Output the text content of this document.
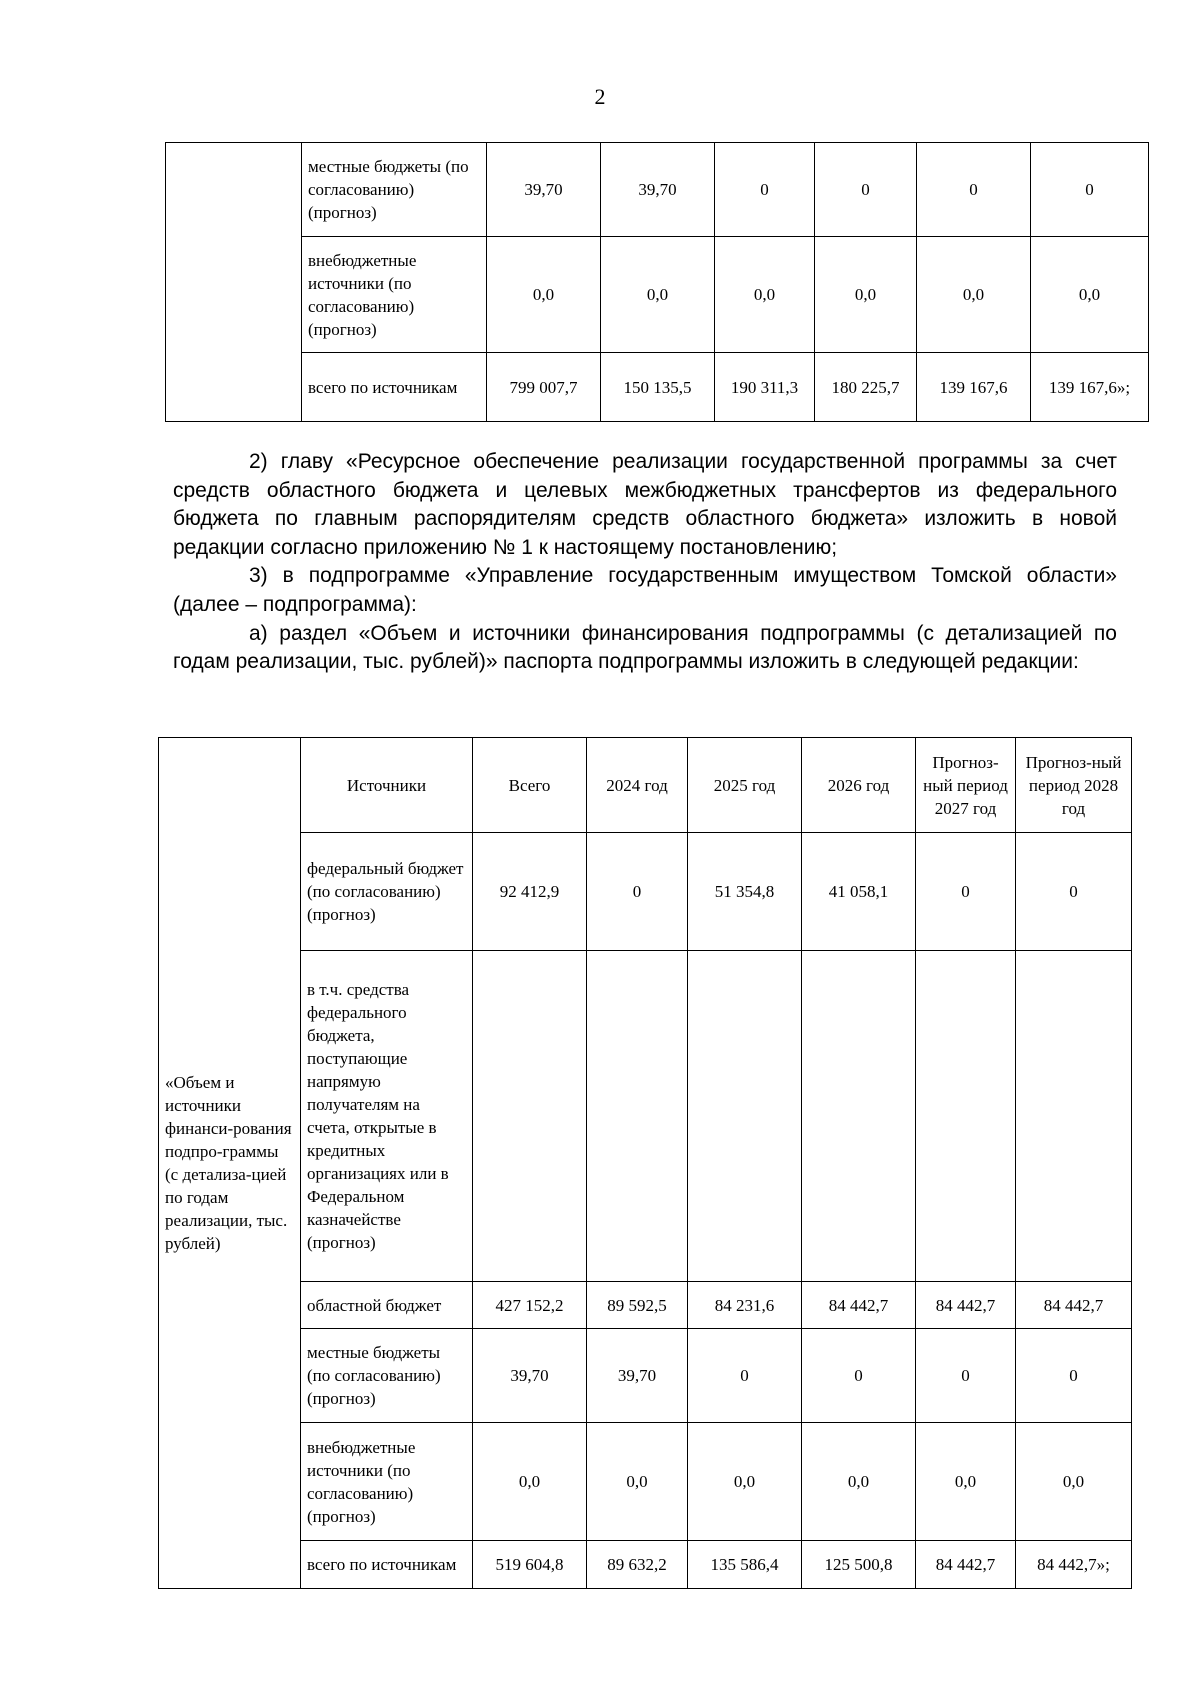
2
	местные бюджеты (по согласованию) (прогноз)	39,70	39,70	0	0	0	0
	внебюджетные источники (по согласованию) (прогноз)	0,0	0,0	0,0	0,0	0,0	0,0
	всего по источникам	799 007,7	150 135,5	190 311,3	180 225,7	139 167,6	139 167,6»;

2) главу «Ресурсное обеспечение реализации государственной программы за счет средств областного бюджета и целевых межбюджетных трансфертов из федерального бюджета по главным распорядителям средств областного бюджета» изложить в новой редакции согласно приложению № 1 к настоящему постановлению;

3) в подпрограмме «Управление государственным имуществом Томской области» (далее – подпрограмма):

а) раздел «Объем и источники финансирования подпрограммы (с детализацией по годам реализации, тыс. рублей)» паспорта подпрограммы изложить в следующей редакции:

«Объем и источники финанси-рования подпро-граммы (с детализа-цией по годам реализации, тыс. рублей)	Источники	Всего	2024 год	2025 год	2026 год	Прогноз-ный период 2027 год	Прогноз-ный период 2028 год
	федеральный бюджет (по согласованию) (прогноз)	92 412,9	0	51 354,8	41 058,1	0	0
	в т.ч. средства федерального бюджета, поступающие напрямую получателям на счета, открытые в кредитных организациях или в Федеральном казначействе (прогноз)						
	областной бюджет	427 152,2	89 592,5	84 231,6	84 442,7	84 442,7	84 442,7
	местные бюджеты (по согласованию) (прогноз)	39,70	39,70	0	0	0	0
	внебюджетные источники (по согласованию) (прогноз)	0,0	0,0	0,0	0,0	0,0	0,0
	всего по источникам	519 604,8	89 632,2	135 586,4	125 500,8	84 442,7	84 442,7»;
